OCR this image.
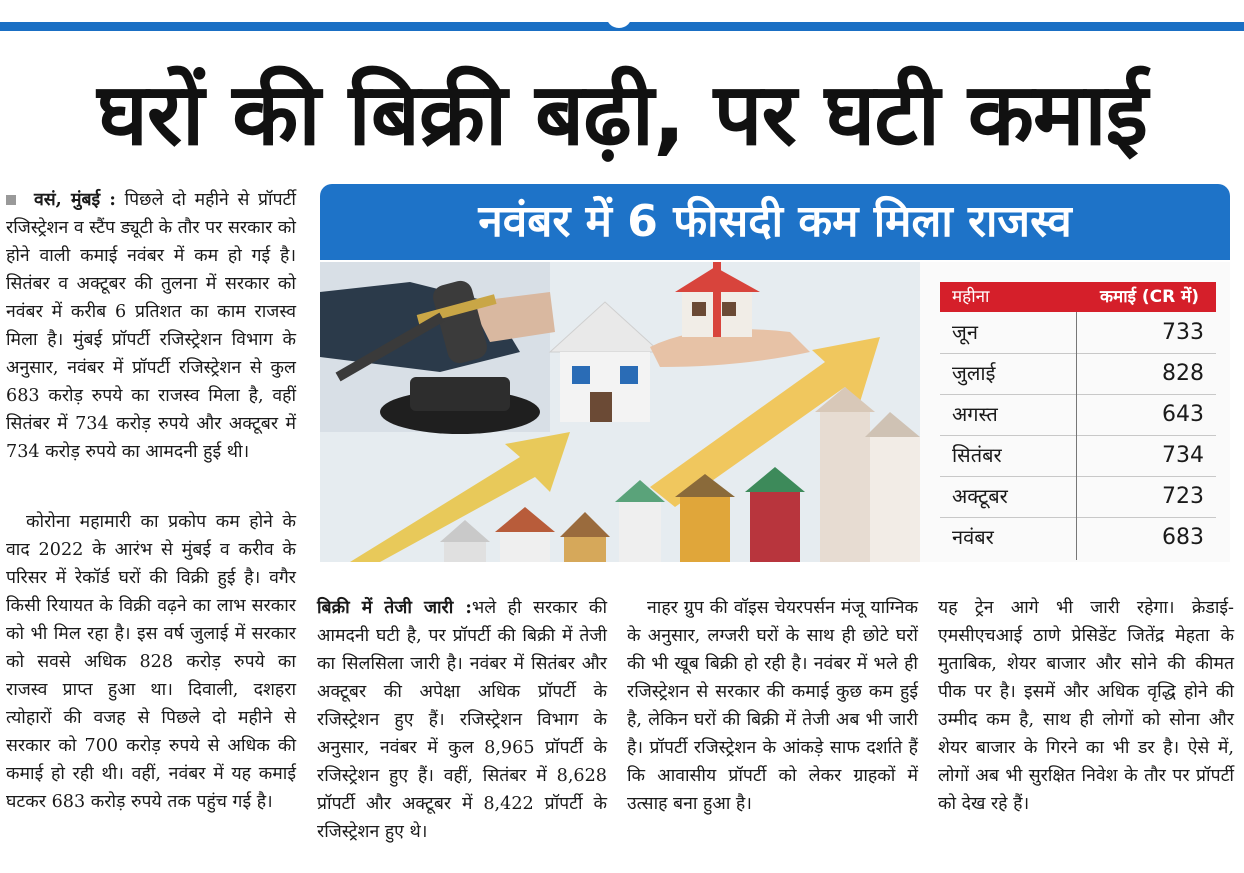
घरों की बिक्री बढ़ी, पर घटी कमाई

वसं, मुंबई : पिछले दो महीने से प्रॉपर्टी रजिस्ट्रेशन व स्टैंप ड्यूटी के तौर पर सरकार को होने वाली कमाई नवंबर में कम हो गई है। सितंबर व अक्टूबर की तुलना में सरकार को नवंबर में करीब 6 प्रतिशत का काम राजस्व मिला है। मुंबई प्रॉपर्टी रजिस्ट्रेशन विभाग के अनुसार, नवंबर में प्रॉपर्टी रजिस्ट्रेशन से कुल 683 करोड़ रुपये का राजस्व मिला है, वहीं सितंबर में 734 करोड़ रुपये और अक्टूबर में 734 करोड़ रुपये का आमदनी हुई थी।

कोरोना महामारी का प्रकोप कम होने के वाद 2022 के आरंभ से मुंबई व करीव के परिसर में रेकॉर्ड घरों की विक्री हुई है। वगैर किसी रियायत के विक्री वढ़ने का लाभ सरकार को भी मिल रहा है। इस वर्ष जुलाई में सरकार को सवसे अधिक 828 करोड़ रुपये का राजस्व प्राप्त हुआ था। दिवाली, दशहरा त्योहारों की वजह से पिछले दो महीने से सरकार को 700 करोड़ रुपये से अधिक की कमाई हो रही थी। वहीं, नवंबर में यह कमाई घटकर 683 करोड़ रुपये तक पहुंच गई है।

नवंबर में 6 फीसदी कम मिला राजस्व
महीना	कमाई (CR में)
जून	733
जुलाई	828
अगस्त	643
सितंबर	734
अक्टूबर	723
नवंबर	683

बिक्री में तेजी जारी :भले ही सरकार की आमदनी घटी है, पर प्रॉपर्टी की बिक्री में तेजी का सिलसिला जारी है। नवंबर में सितंबर और अक्टूबर की अपेक्षा अधिक प्रॉपर्टी के रजिस्ट्रेशन हुए हैं। रजिस्ट्रेशन विभाग के अनुसार, नवंबर में कुल 8,965 प्रॉपर्टी के रजिस्ट्रेशन हुए हैं। वहीं, सितंबर में 8,628 प्रॉपर्टी और अक्टूबर में 8,422 प्रॉपर्टी के रजिस्ट्रेशन हुए थे।

नाहर ग्रुप की वॉइस चेयरपर्सन मंजू याग्निक के अनुसार, लग्जरी घरों के साथ ही छोटे घरों की भी खूब बिक्री हो रही है। नवंबर में भले ही रजिस्ट्रेशन से सरकार की कमाई कुछ कम हुई है, लेकिन घरों की बिक्री में तेजी अब भी जारी है। प्रॉपर्टी रजिस्ट्रेशन के आंकड़े साफ दर्शाते हैं कि आवासीय प्रॉपर्टी को लेकर ग्राहकों में उत्साह बना हुआ है।

यह ट्रेन आगे भी जारी रहेगा। क्रेडाई-एमसीएचआई ठाणे प्रेसिडेंट जितेंद्र मेहता के मुताबिक, शेयर बाजार और सोने की कीमत पीक पर है। इसमें और अधिक वृद्धि होने की उम्मीद कम है, साथ ही लोगों को सोना और शेयर बाजार के गिरने का भी डर है। ऐसे में, लोगों अब भी सुरक्षित निवेश के तौर पर प्रॉपर्टी को देख रहे हैं।
